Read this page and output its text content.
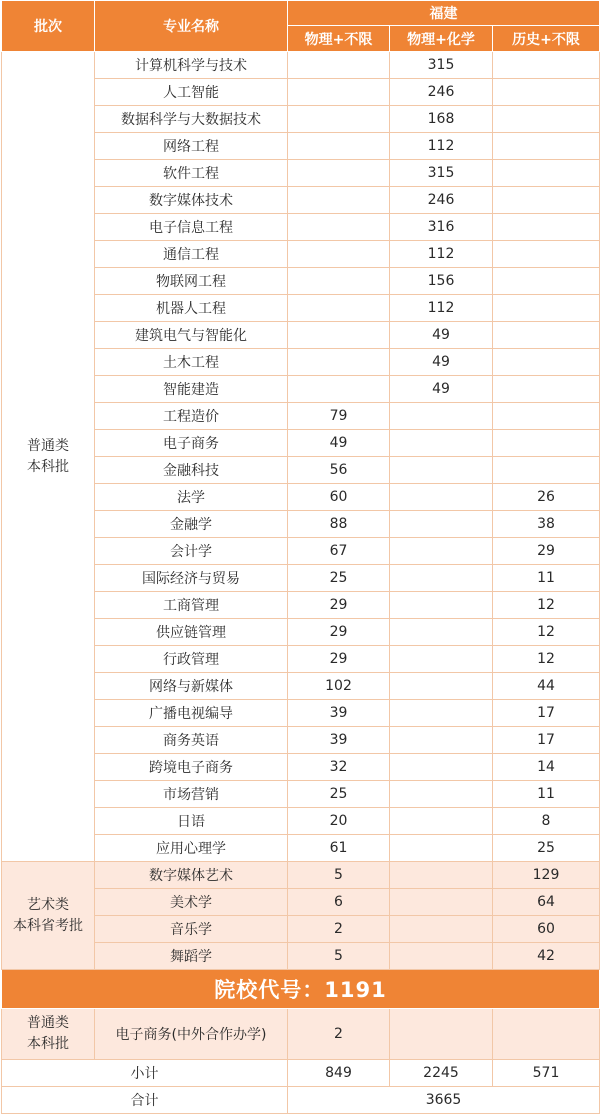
批次	专业名称	福建		
		物理+不限	物理+化学	历史+不限
普通类
本科批	计算机科学与技术		315	
	人工智能		246	
	数据科学与大数据技术		168	
	网络工程		112	
	软件工程		315	
	数字媒体技术		246	
	电子信息工程		316	
	通信工程		112	
	物联网工程		156	
	机器人工程		112	
	建筑电气与智能化		49	
	土木工程		49	
	智能建造		49	
	工程造价	79		
	电子商务	49		
	金融科技	56		
	法学	60		26
	金融学	88		38
	会计学	67		29
	国际经济与贸易	25		11
	工商管理	29		12
	供应链管理	29		12
	行政管理	29		12
	网络与新媒体	102		44
	广播电视编导	39		17
	商务英语	39		17
	跨境电子商务	32		14
	市场营销	25		11
	日语	20		8
	应用心理学	61		25
艺术类
本科省考批	数字媒体艺术	5		129
	美术学	6		64
	音乐学	2		60
	舞蹈学	5		42
院校代号：1191				
普通类
本科批	电子商务(中外合作办学)	2		
小计		849	2245	571
合计		3665		
